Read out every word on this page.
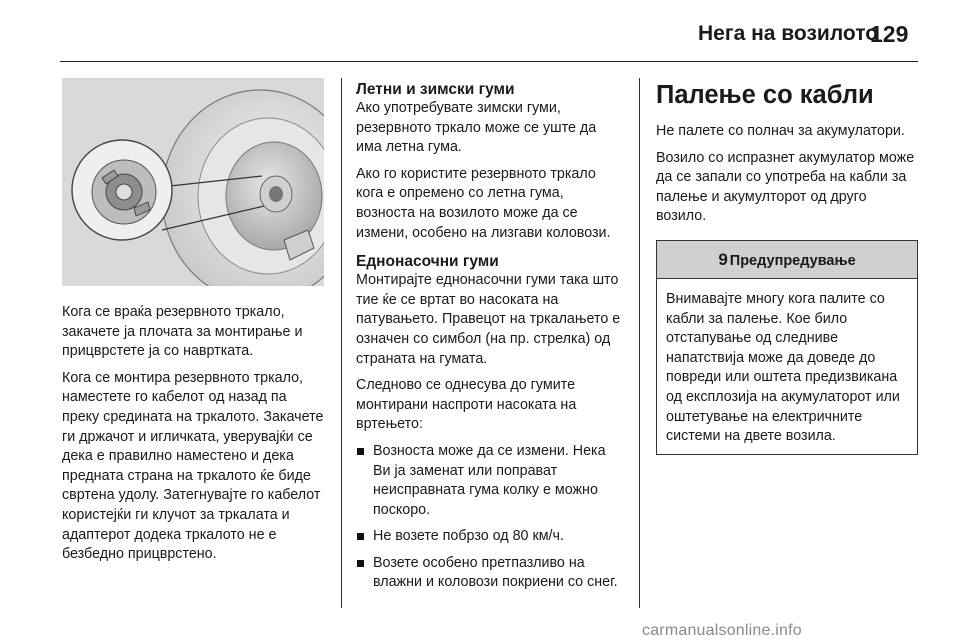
Нега на возилото
129

Кога се враќа резервното тркало, закачете ја плочата за монтирање и прицврстете ја со навртката.

Кога се монтира резервното тркало, наместете го кабелот од назад па преку средината на тркалото. Закачете ги држачот и игличката, уверувајќи се дека е правилно наместено и дека предната страна на тркалото ќе биде свртена удолу. Затегнувајте го кабелот користејќи ги клучот за тркалата и адаптерот додека тркалото не е безбедно прицврстено.

Летни и зимски гуми

Ако употребувате зимски гуми, резервното тркало може се уште да има летна гума.

Ако го користите резервното тркало кога е опремено со летна гума, возноста на возилото може да се измени, особено на лизгави коловози.

Еднонасочни гуми

Монтирајте еднонасочни гуми така што тие ќе се вртат во насоката на патувањето. Правецот на тркалањето е означен со симбол (на пр. стрелка) од страната на гумата.

Следново се однесува до гумите монтирани наспроти насоката на вртењето:

Возноста може да се измени. Нека Ви ја заменат или поправат неисправната гума колку е можно поскоро.
Не возете побрзо од 80 км/ч.
Возете особено претпазливо на влажни и коловози покриени со снег.
Палење со кабли

Не палете со полнач за акумулатори.

Возило со испразнет акумулатор може да се запали со употреба на кабли за палење и акумулторот од друго возило.

9 Предупредување
Внимавајте многу кога палите со кабли за палење. Кое било отстапување од следниве напатствија може да доведе до повреди или оштета предизвикана од експлозија на акумулаторот или оштетување на електричните системи на двете возила.
carmanualsonline.info
